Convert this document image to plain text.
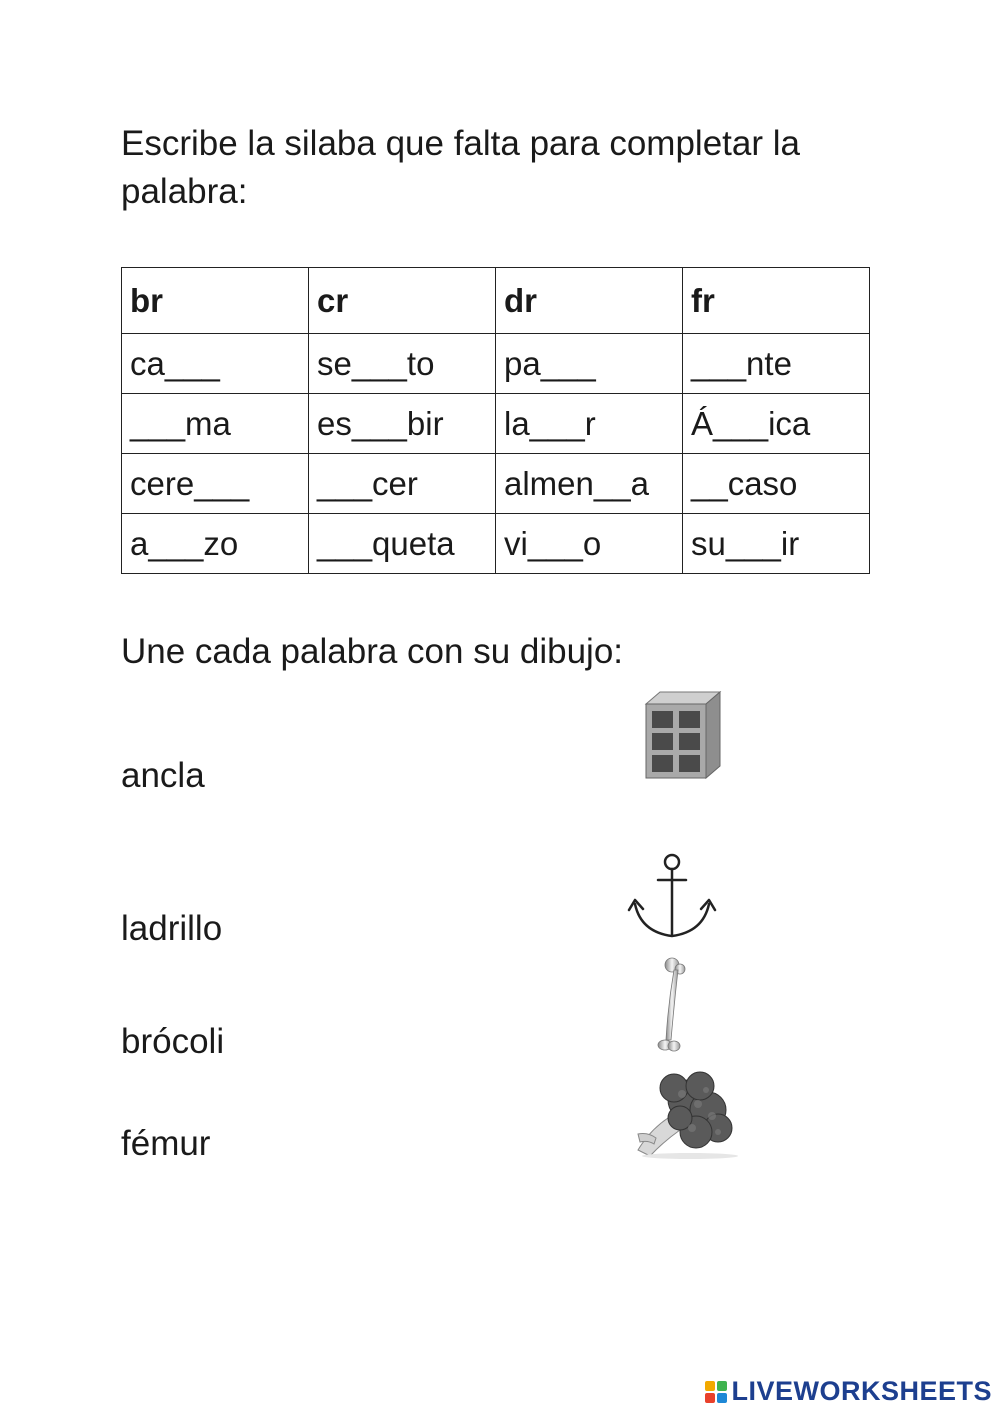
Escribe la silaba que falta para completar la palabra:

br	cr	dr	fr
ca___	se___to	pa___	___nte
___ma	es___bir	la___r	Á___ica
cere___	___cer	almen__a	__caso
a___zo	___queta	vi___o	su___ir

Une cada palabra con su dibujo:

ancla
ladrillo
brócoli
fémur
LIVEWORKSHEETS
